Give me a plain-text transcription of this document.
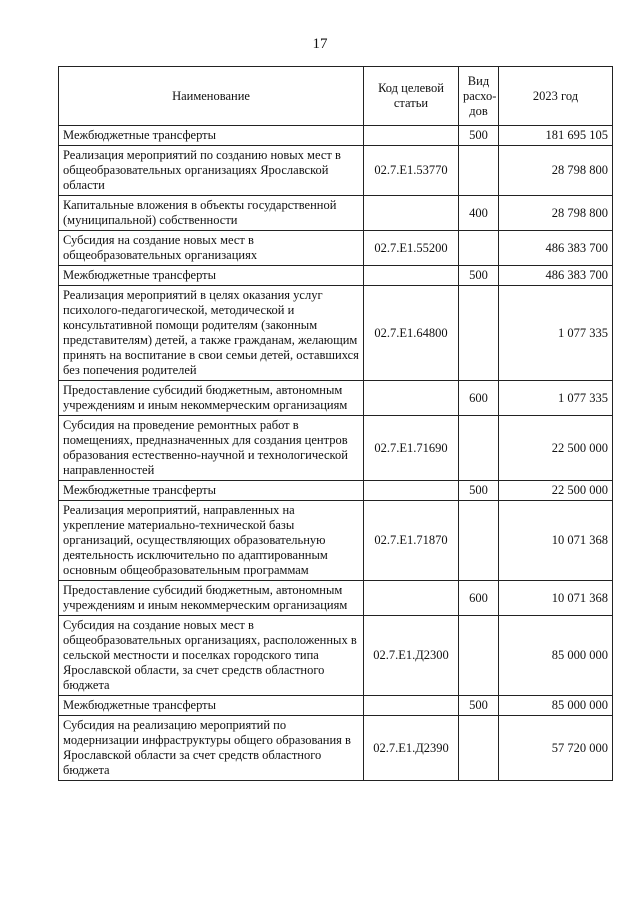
17
Наименование	Код целевой статьи	Вид расхо-дов	2023 год
Межбюджетные трансферты		500	181 695 105
Реализация мероприятий по созданию новых мест в общеобразовательных организациях Ярославской области	02.7.E1.53770		28 798 800
Капитальные вложения в объекты государственной (муниципальной) собственности		400	28 798 800
Субсидия на создание новых мест в общеобразовательных организациях	02.7.E1.55200		486 383 700
Межбюджетные трансферты		500	486 383 700
Реализация мероприятий в целях оказания услуг психолого-педагогической, методической и консультативной помощи родителям (законным представителям) детей, а также гражданам, желающим принять на воспитание в свои семьи детей, оставшихся без попечения родителей	02.7.E1.64800		1 077 335
Предоставление субсидий бюджетным, автономным учреждениям и иным некоммерческим организациям		600	1 077 335
Субсидия на проведение ремонтных работ в помещениях, предназначенных для создания центров образования естественно-научной и технологической направленностей	02.7.E1.71690		22 500 000
Межбюджетные трансферты		500	22 500 000
Реализация мероприятий, направленных на укрепление материально-технической базы организаций, осуществляющих образовательную деятельность исключительно по адаптированным основным общеобразовательным программам	02.7.E1.71870		10 071 368
Предоставление субсидий бюджетным, автономным учреждениям и иным некоммерческим организациям		600	10 071 368
Субсидия на создание новых мест в общеобразовательных организациях, расположенных в сельской местности и поселках городского типа Ярославской области, за счет средств областного бюджета	02.7.E1.Д2300		85 000 000
Межбюджетные трансферты		500	85 000 000
Субсидия на реализацию мероприятий по модернизации инфраструктуры общего образования в Ярославской области за счет средств областного бюджета	02.7.E1.Д2390		57 720 000
